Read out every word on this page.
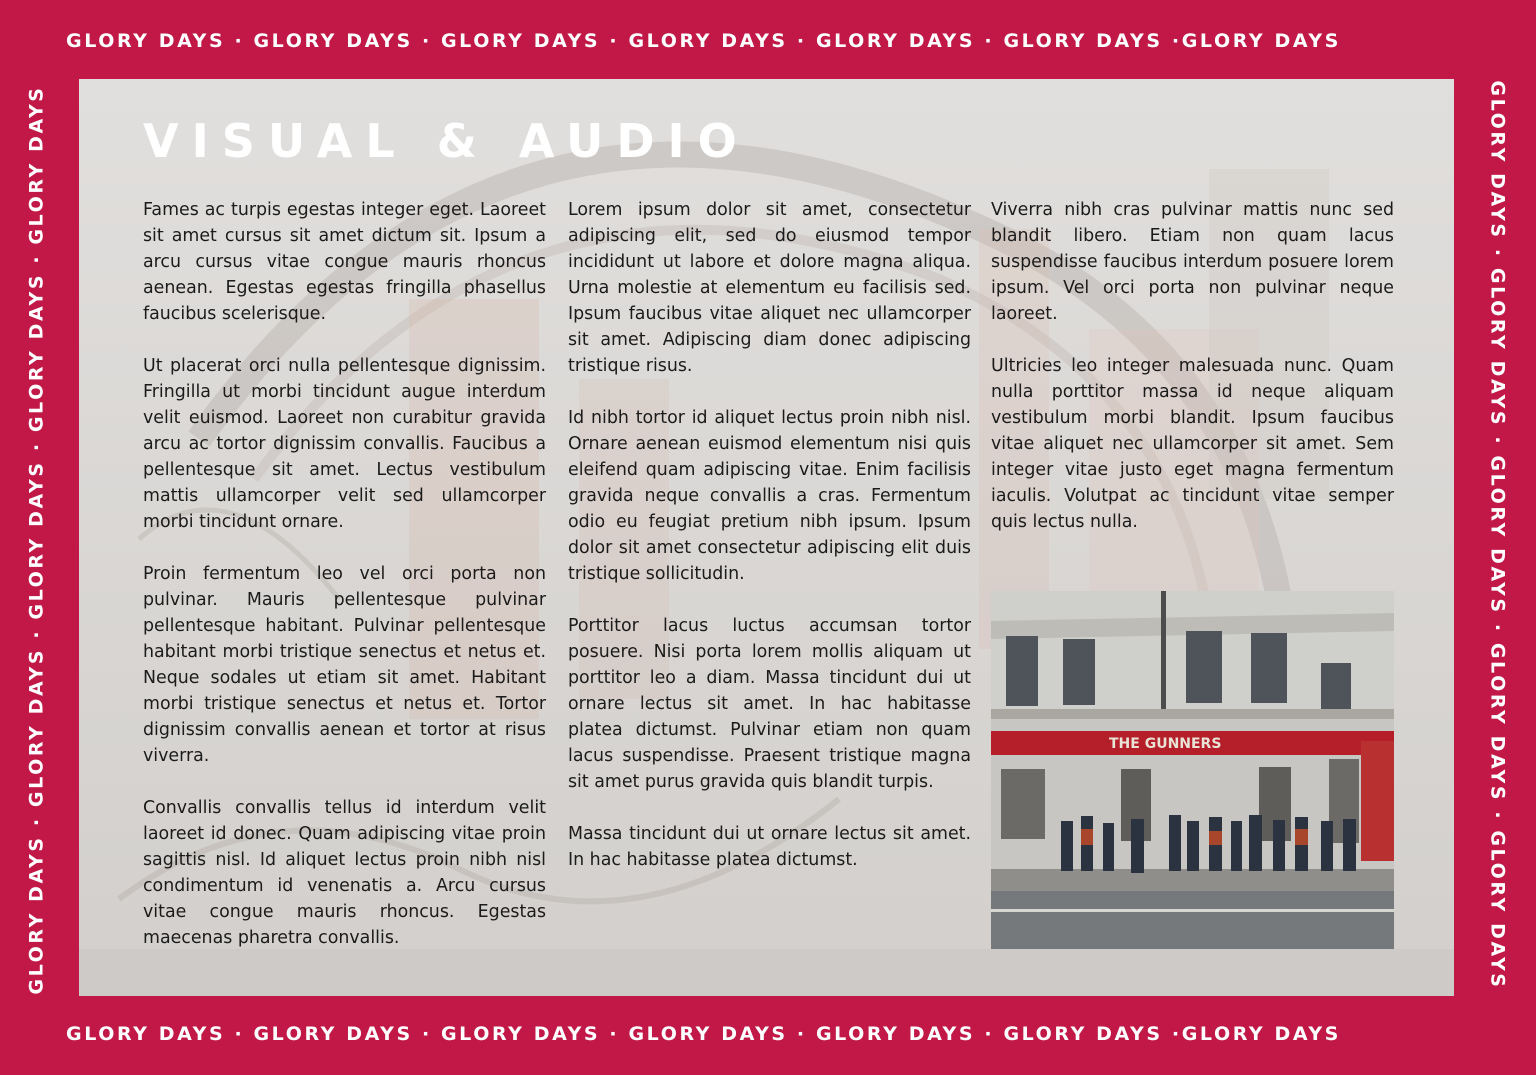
GLORY DAYS · GLORY DAYS · GLORY DAYS · GLORY DAYS · GLORY DAYS · GLORY DAYS ·GLORY DAYS
GLORY DAYS · GLORY DAYS · GLORY DAYS · GLORY DAYS · GLORY DAYS · GLORY DAYS ·GLORY DAYS
GLORY DAYS · GLORY DAYS · GLORY DAYS · GLORY DAYS · GLORY DAYS	GLORY DAYS · GLORY DAYS · GLORY DAYS · GLORY DAYS · GLORY DAYS
VISUAL & AUDIO

Fames ac turpis egestas integer eget. Laoreet sit amet cursus sit amet dictum sit. Ipsum a arcu cursus vitae congue mauris rhoncus aenean. Egestas egestas fringilla phasellus faucibus scelerisque.

Ut placerat orci nulla pellentesque dignissim. Fringilla ut morbi tincidunt augue interdum velit euismod. Laoreet non curabitur gravida arcu ac tortor dignissim convallis. Faucibus a pellentesque sit amet. Lectus vestibulum mattis ullamcorper velit sed ullamcorper morbi tincidunt ornare.

Proin fermentum leo vel orci porta non pulvinar. Mauris pellentesque pulvinar pellentesque habitant. Pulvinar pellentesque habitant morbi tristique senectus et netus et. Neque sodales ut etiam sit amet. Habitant morbi tristique senectus et netus et. Tortor dignissim convallis aenean et tortor at risus viverra.

Convallis convallis tellus id interdum velit laoreet id donec. Quam adipiscing vitae proin sagittis nisl. Id aliquet lectus proin nibh nisl condimentum id venenatis a. Arcu cursus vitae congue mauris rhoncus. Egestas maecenas pharetra convallis.

Lorem ipsum dolor sit amet, consectetur adipiscing elit, sed do eiusmod tempor incididunt ut labore et dolore magna aliqua. Urna molestie at elementum eu facilisis sed. Ipsum faucibus vitae aliquet nec ullamcorper sit amet. Adipiscing diam donec adipiscing tristique risus.

Id nibh tortor id aliquet lectus proin nibh nisl. Ornare aenean euismod elementum nisi quis eleifend quam adipiscing vitae. Enim facilisis gravida neque convallis a cras. Fermentum odio eu feugiat pretium nibh ipsum. Ipsum dolor sit amet consectetur adipiscing elit duis tristique sollicitudin.

Porttitor lacus luctus accumsan tortor posuere. Nisi porta lorem mollis aliquam ut porttitor leo a diam. Massa tincidunt dui ut ornare lectus sit amet. In hac habitasse platea dictumst. Pulvinar etiam non quam lacus suspendisse. Praesent tristique magna sit amet purus gravida quis blandit turpis.

Massa tincidunt dui ut ornare lectus sit amet. In hac habitasse platea dictumst.

Viverra nibh cras pulvinar mattis nunc sed blandit libero. Etiam non quam lacus suspendisse faucibus interdum posuere lorem ipsum. Vel orci porta non pulvinar neque laoreet.

Ultricies leo integer malesuada nunc. Quam nulla porttitor massa id neque aliquam vestibulum morbi blandit. Ipsum faucibus vitae aliquet nec ullamcorper sit amet. Sem integer vitae justo eget magna fermentum iaculis. Volutpat ac tincidunt vitae semper quis lectus nulla.

THE GUNNERS
